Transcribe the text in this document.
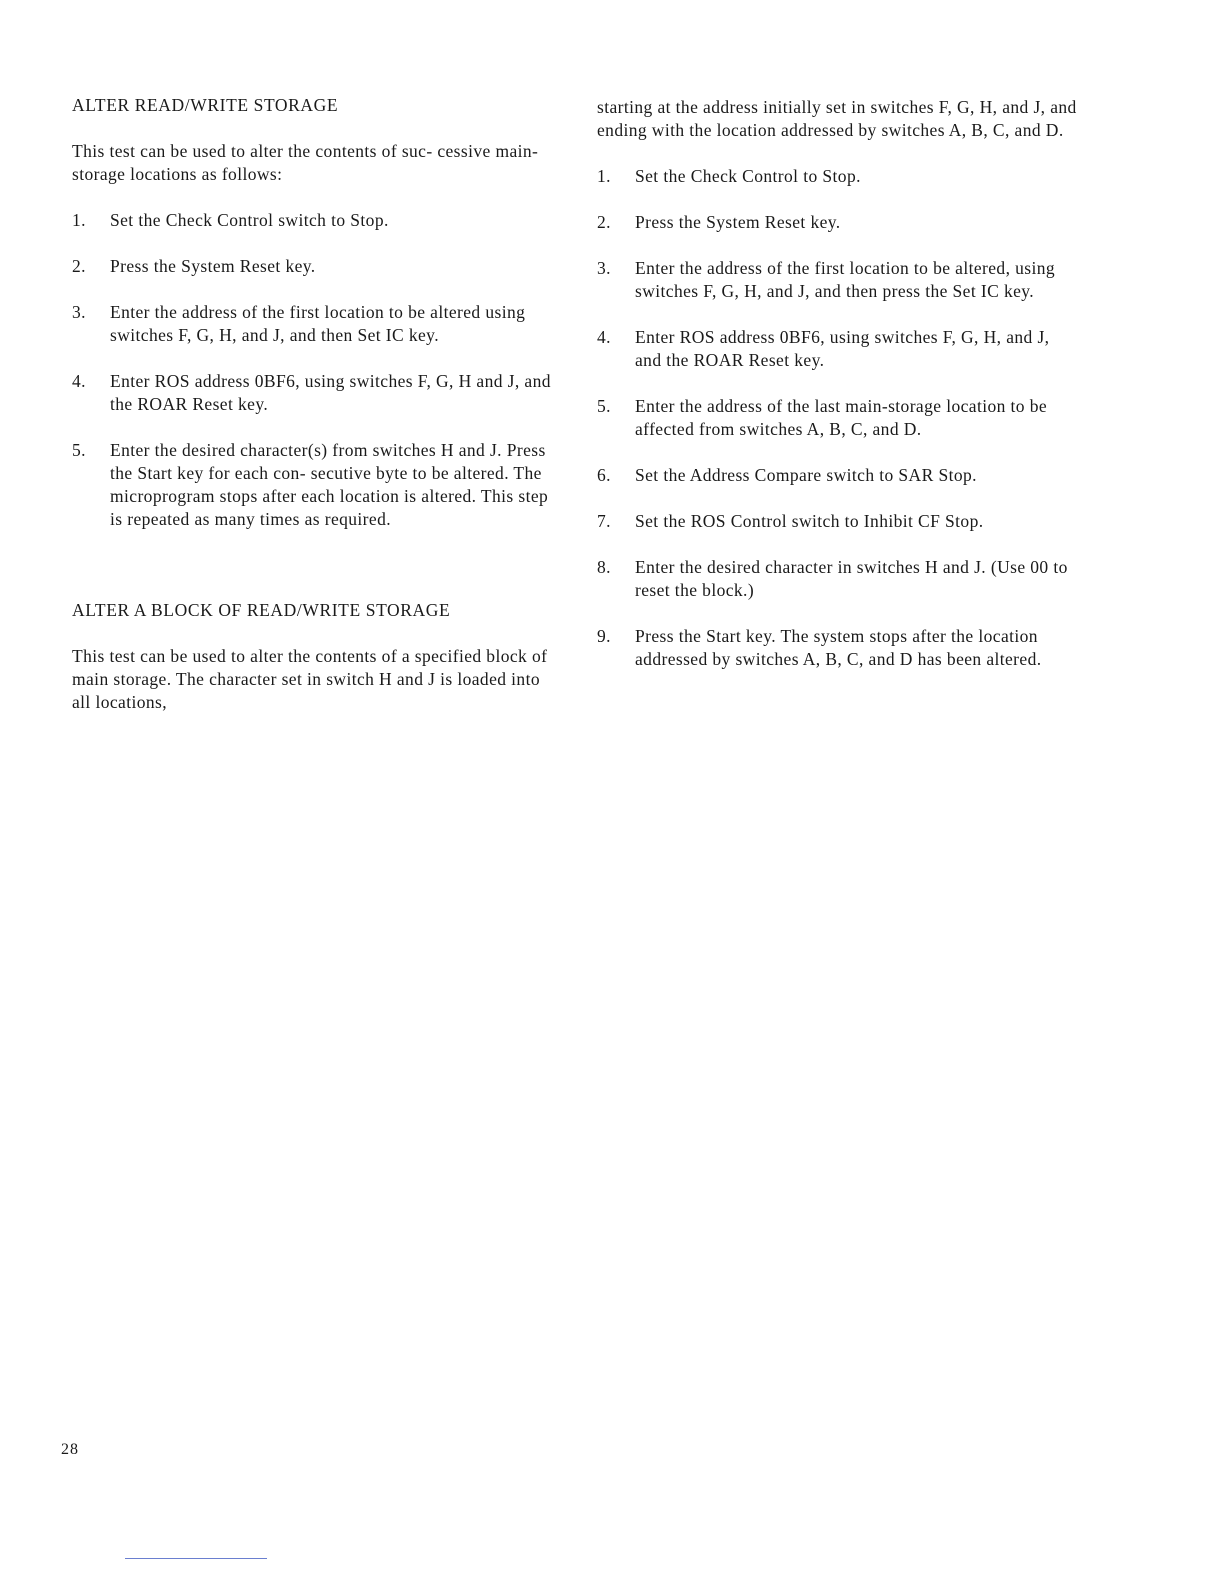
ALTER READ/WRITE STORAGE

This test can be used to alter the contents of suc- cessive main-storage locations as follows:

1. Set the Check Control switch to Stop.
2. Press the System Reset key.
3. Enter the address of the first location to be altered using switches F, G, H, and J, and then Set IC key.
4. Enter ROS address 0BF6, using switches F, G, H and J, and the ROAR Reset key.
5. Enter the desired character(s) from switches H and J. Press the Start key for each con- secutive byte to be altered. The microprogram stops after each location is altered. This step is repeated as many times as required.
ALTER A BLOCK OF READ/WRITE STORAGE

This test can be used to alter the contents of a specified block of main storage. The character set in switch H and J is loaded into all locations,

starting at the address initially set in switches F, G, H, and J, and ending with the location addressed by switches A, B, C, and D.

1. Set the Check Control to Stop.
2. Press the System Reset key.
3. Enter the address of the first location to be altered, using switches F, G, H, and J, and then press the Set IC key.
4. Enter ROS address 0BF6, using switches F, G, H, and J, and the ROAR Reset key.
5. Enter the address of the last main-storage location to be affected from switches A, B, C, and D.
6. Set the Address Compare switch to SAR Stop.
7. Set the ROS Control switch to Inhibit CF Stop.
8. Enter the desired character in switches H and J. (Use 00 to reset the block.)
9. Press the Start key. The system stops after the location addressed by switches A, B, C, and D has been altered.
28
